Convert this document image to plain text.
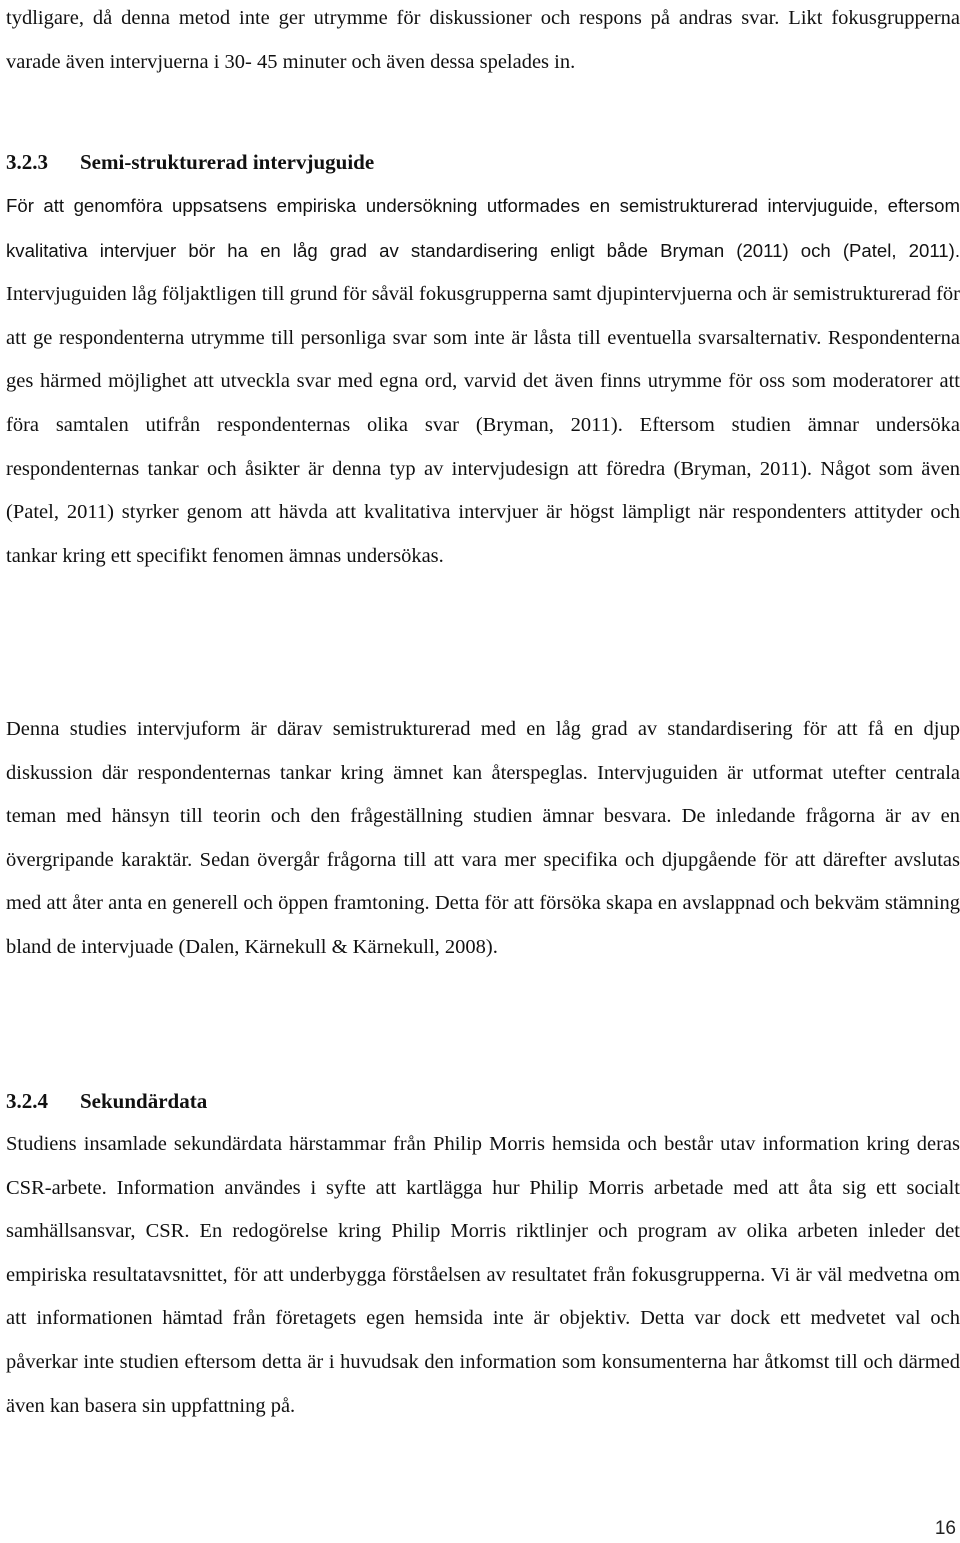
tydligare, då denna metod inte ger utrymme för diskussioner och respons på andras svar. Likt fokusgrupperna varade även intervjuerna i 30- 45 minuter och även dessa spelades in.

3.2.3 Semi-strukturerad intervjuguide

För att genomföra uppsatsens empiriska undersökning utformades en semistrukturerad intervjuguide, eftersom kvalitativa intervjuer bör ha en låg grad av standardisering enligt både Bryman (2011) och (Patel, 2011). Intervjuguiden låg följaktligen till grund för såväl fokusgrupperna samt djupintervjuerna och är semistrukturerad för att ge respondenterna utrymme till personliga svar som inte är låsta till eventuella svarsalternativ. Respondenterna ges härmed möjlighet att utveckla svar med egna ord, varvid det även finns utrymme för oss som moderatorer att föra samtalen utifrån respondenternas olika svar (Bryman, 2011). Eftersom studien ämnar undersöka respondenternas tankar och åsikter är denna typ av intervjudesign att föredra (Bryman, 2011). Något som även (Patel, 2011) styrker genom att hävda att kvalitativa intervjuer är högst lämpligt när respondenters attityder och tankar kring ett specifikt fenomen ämnas undersökas.

Denna studies intervjuform är därav semistrukturerad med en låg grad av standardisering för att få en djup diskussion där respondenternas tankar kring ämnet kan återspeglas. Intervjuguiden är utformat utefter centrala teman med hänsyn till teorin och den frågeställning studien ämnar besvara. De inledande frågorna är av en övergripande karaktär. Sedan övergår frågorna till att vara mer specifika och djupgående för att därefter avslutas med att åter anta en generell och öppen framtoning. Detta för att försöka skapa en avslappnad och bekväm stämning bland de intervjuade (Dalen, Kärnekull & Kärnekull, 2008).

3.2.4 Sekundärdata

Studiens insamlade sekundärdata härstammar från Philip Morris hemsida och består utav information kring deras CSR-arbete. Information användes i syfte att kartlägga hur Philip Morris arbetade med att åta sig ett socialt samhällsansvar, CSR. En redogörelse kring Philip Morris riktlinjer och program av olika arbeten inleder det empiriska resultatavsnittet, för att underbygga förståelsen av resultatet från fokusgrupperna. Vi är väl medvetna om att informationen hämtad från företagets egen hemsida inte är objektiv. Detta var dock ett medvetet val och påverkar inte studien eftersom detta är i huvudsak den information som konsumenterna har åtkomst till och därmed även kan basera sin uppfattning på.

16
